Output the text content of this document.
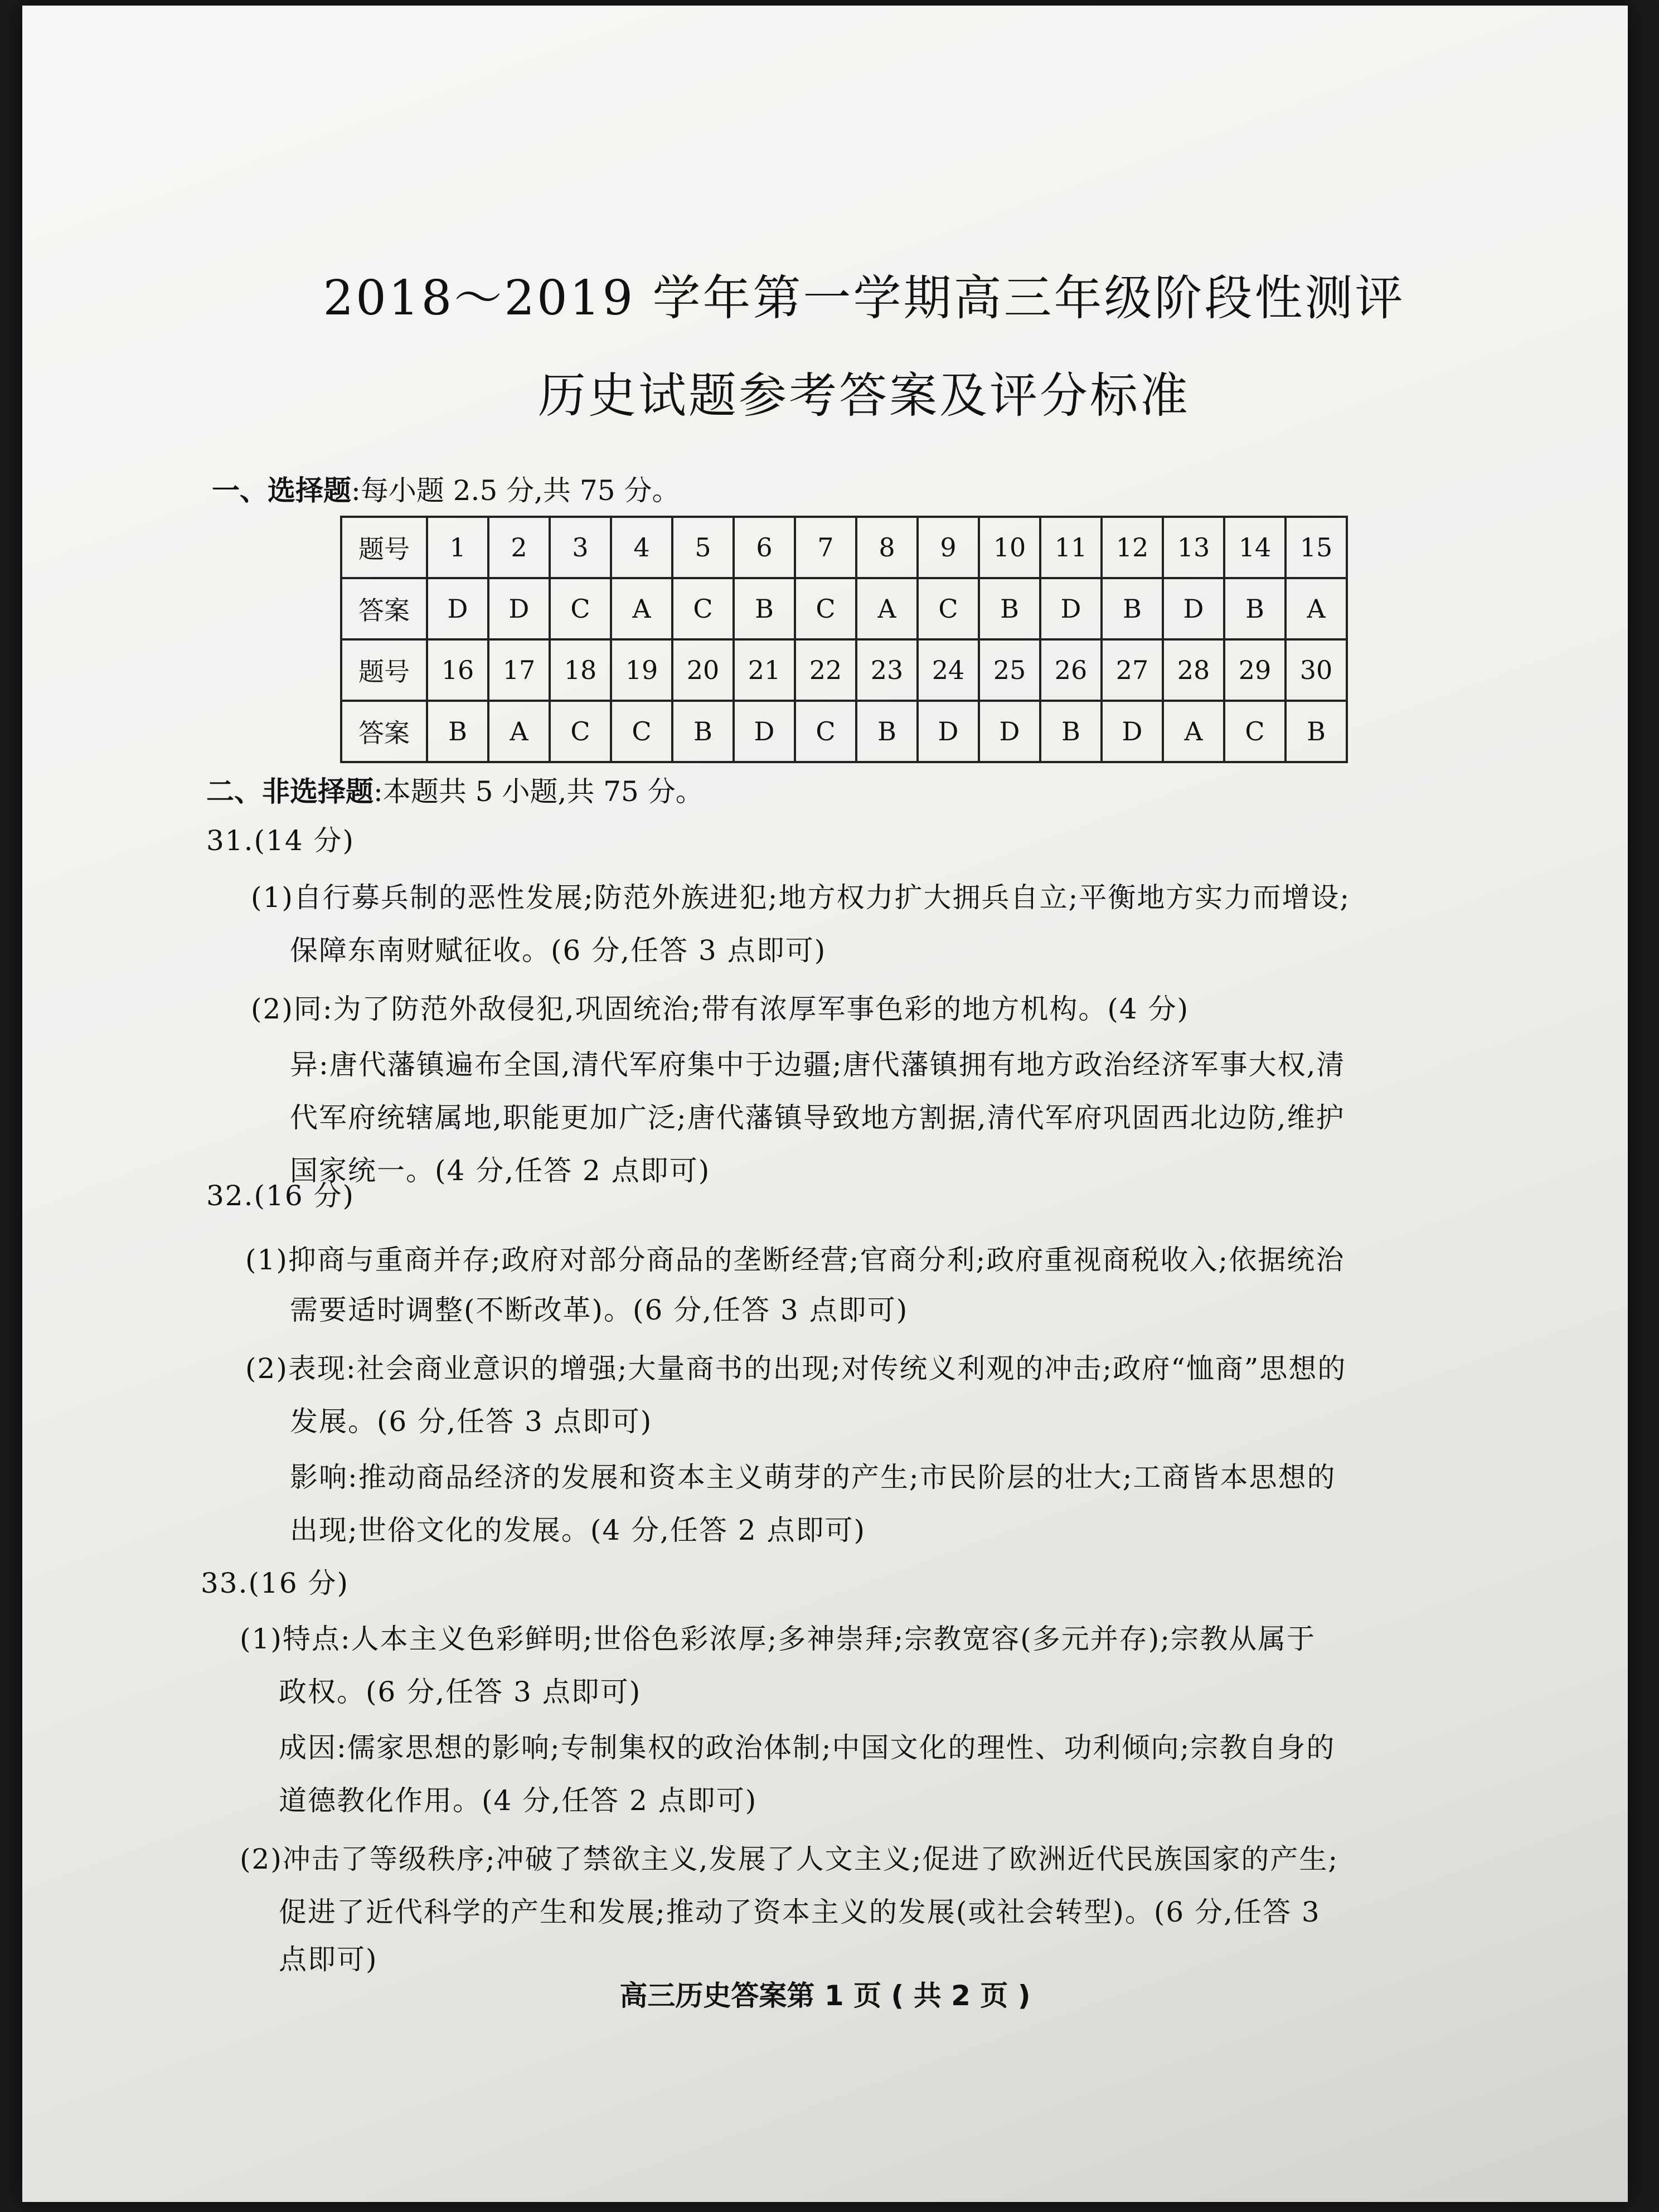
2018～2019 学年第一学期高三年级阶段性测评
历史试题参考答案及评分标准
一、选择题:每小题 2.5 分,共 75 分。
题号	1	2	3	4	5	6	7	8	9	10	11	12	13	14	15
答案	D	D	C	A	C	B	C	A	C	B	D	B	D	B	A
题号	16	17	18	19	20	21	22	23	24	25	26	27	28	29	30
答案	B	A	C	C	B	D	C	B	D	D	B	D	A	C	B
二、非选择题:本题共 5 小题,共 75 分。
31.(14 分)
(1)自行募兵制的恶性发展;防范外族进犯;地方权力扩大拥兵自立;平衡地方实力而增设;
保障东南财赋征收。(6 分,任答 3 点即可)
(2)同:为了防范外敌侵犯,巩固统治;带有浓厚军事色彩的地方机构。(4 分)
异:唐代藩镇遍布全国,清代军府集中于边疆;唐代藩镇拥有地方政治经济军事大权,清
代军府统辖属地,职能更加广泛;唐代藩镇导致地方割据,清代军府巩固西北边防,维护
国家统一。(4 分,任答 2 点即可)
32.(16 分)
(1)抑商与重商并存;政府对部分商品的垄断经营;官商分利;政府重视商税收入;依据统治
需要适时调整(不断改革)。(6 分,任答 3 点即可)
(2)表现:社会商业意识的增强;大量商书的出现;对传统义利观的冲击;政府“恤商”思想的
发展。(6 分,任答 3 点即可)
影响:推动商品经济的发展和资本主义萌芽的产生;市民阶层的壮大;工商皆本思想的
出现;世俗文化的发展。(4 分,任答 2 点即可)
33.(16 分)
(1)特点:人本主义色彩鲜明;世俗色彩浓厚;多神崇拜;宗教宽容(多元并存);宗教从属于
政权。(6 分,任答 3 点即可)
成因:儒家思想的影响;专制集权的政治体制;中国文化的理性、功利倾向;宗教自身的
道德教化作用。(4 分,任答 2 点即可)
(2)冲击了等级秩序;冲破了禁欲主义,发展了人文主义;促进了欧洲近代民族国家的产生;
促进了近代科学的产生和发展;推动了资本主义的发展(或社会转型)。(6 分,任答 3
点即可)
高三历史答案第 1 页 ( 共 2 页 )
